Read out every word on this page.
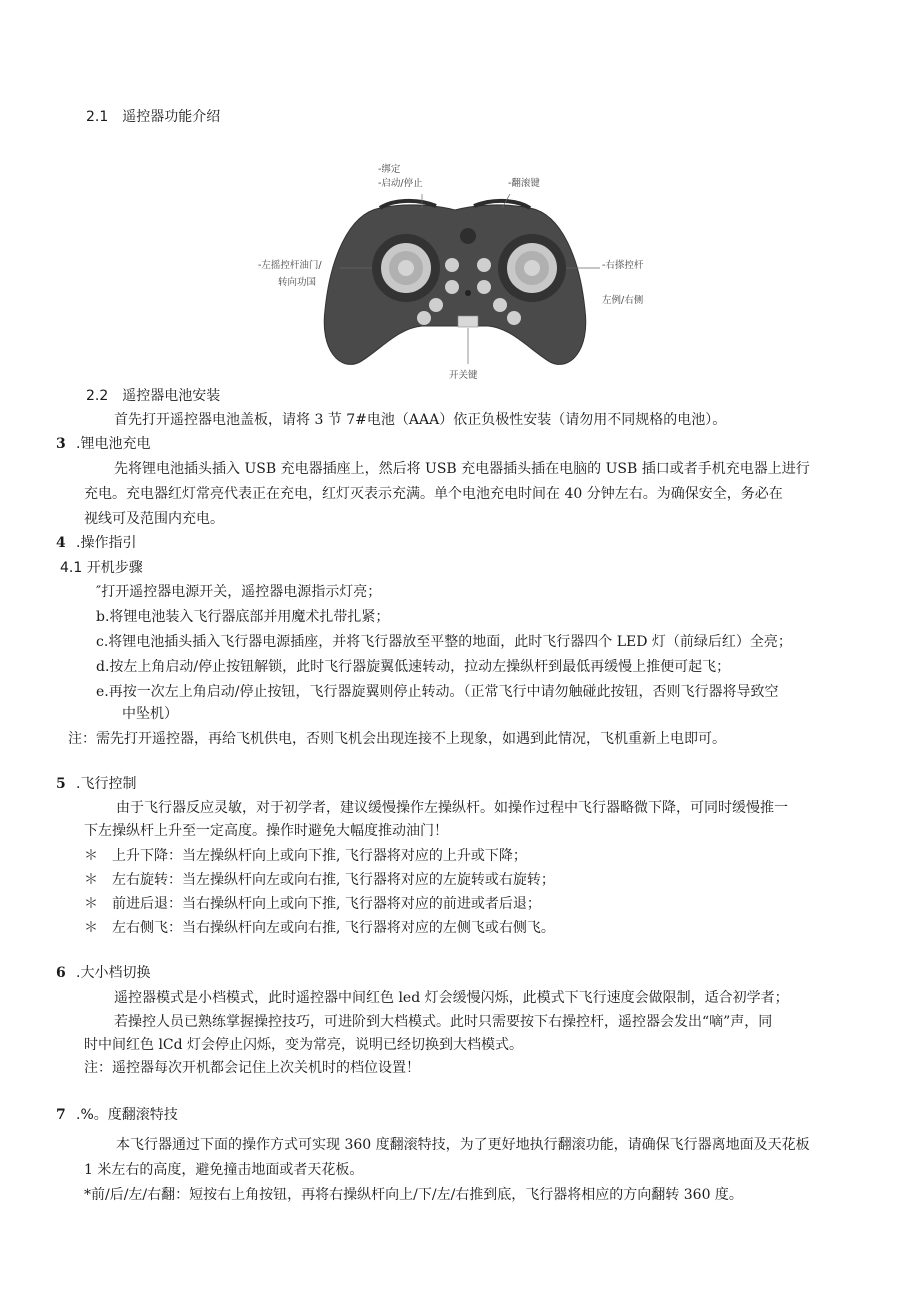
2.1　遥控器功能介绍
-绑定
-启动/停止	-翻滚键
-左摇控杆油门/
转向功国
-右搽控杆
左例/右侧
开关键
2.2　遥控器电池安装
首先打开遥控器电池盖板，请将 3 节 7#电池（AAA）依正负极性安装（请勿用不同规格的电池）。
3 .锂电池充电
先将锂电池插头插入 USB 充电器插座上，然后将 USB 充电器插头插在电脑的 USB 插口或者手机充电器上进行
充电。充电器红灯常亮代表正在充电，红灯灭表示充满。单个电池充电时间在 40 分钟左右。为确保安全，务必在
视线可及范围内充电。
4 .操作指引
4.1 开机步骤
″打开遥控器电源开关，遥控器电源指示灯亮；
b.将锂电池装入飞行器底部并用魔术扎带扎紧；
c.将锂电池插头插入飞行器电源插座，并将飞行器放至平整的地面，此时飞行器四个 LED 灯（前绿后红）全亮；
d.按左上角启动/停止按钮解锁，此时飞行器旋翼低速转动，拉动左操纵杆到最低再缓慢上推便可起飞；
e.再按一次左上角启动/停止按钮，飞行器旋翼则停止转动。（正常飞行中请勿触碰此按钮，否则飞行器将导致空
中坠机）
注：需先打开遥控器，再给飞机供电，否则飞机会出现连接不上现象，如遇到此情况，飞机重新上电即可。
5 .飞行控制
由于飞行器反应灵敏，对于初学者，建议缓慢操作左操纵杆。如操作过程中飞行器略微下降，可同时缓慢推一
下左操纵杆上升至一定高度。操作时避免大幅度推动油门！
＊　上升下降：当左操纵杆向上或向下推, 飞行器将对应的上升或下降；
＊　左右旋转：当左操纵杆向左或向右推, 飞行器将对应的左旋转或右旋转；
＊　前进后退：当右操纵杆向上或向下推, 飞行器将对应的前进或者后退；
＊　左右侧飞：当右操纵杆向左或向右推, 飞行器将对应的左侧飞或右侧飞。
6 .大小档切换
遥控器模式是小档模式，此时遥控器中间红色 led 灯会缓慢闪烁，此模式下飞行速度会做限制，适合初学者；
若操控人员已熟练掌握操控技巧，可进阶到大档模式。此时只需要按下右操控杆，遥控器会发出“嘀”声，同
时中间红色 lCd 灯会停止闪烁，变为常亮，说明已经切换到大档模式。
注：遥控器每次开机都会记住上次关机时的档位设置！
7 .%。度翻滚特技
本飞行器通过下面的操作方式可实现 360 度翻滚特技，为了更好地执行翻滚功能，请确保飞行器离地面及天花板
1 米左右的高度，避免撞击地面或者天花板。
*前/后/左/右翻：短按右上角按钮，再将右操纵杆向上/下/左/右推到底，飞行器将相应的方向翻转 360 度。
